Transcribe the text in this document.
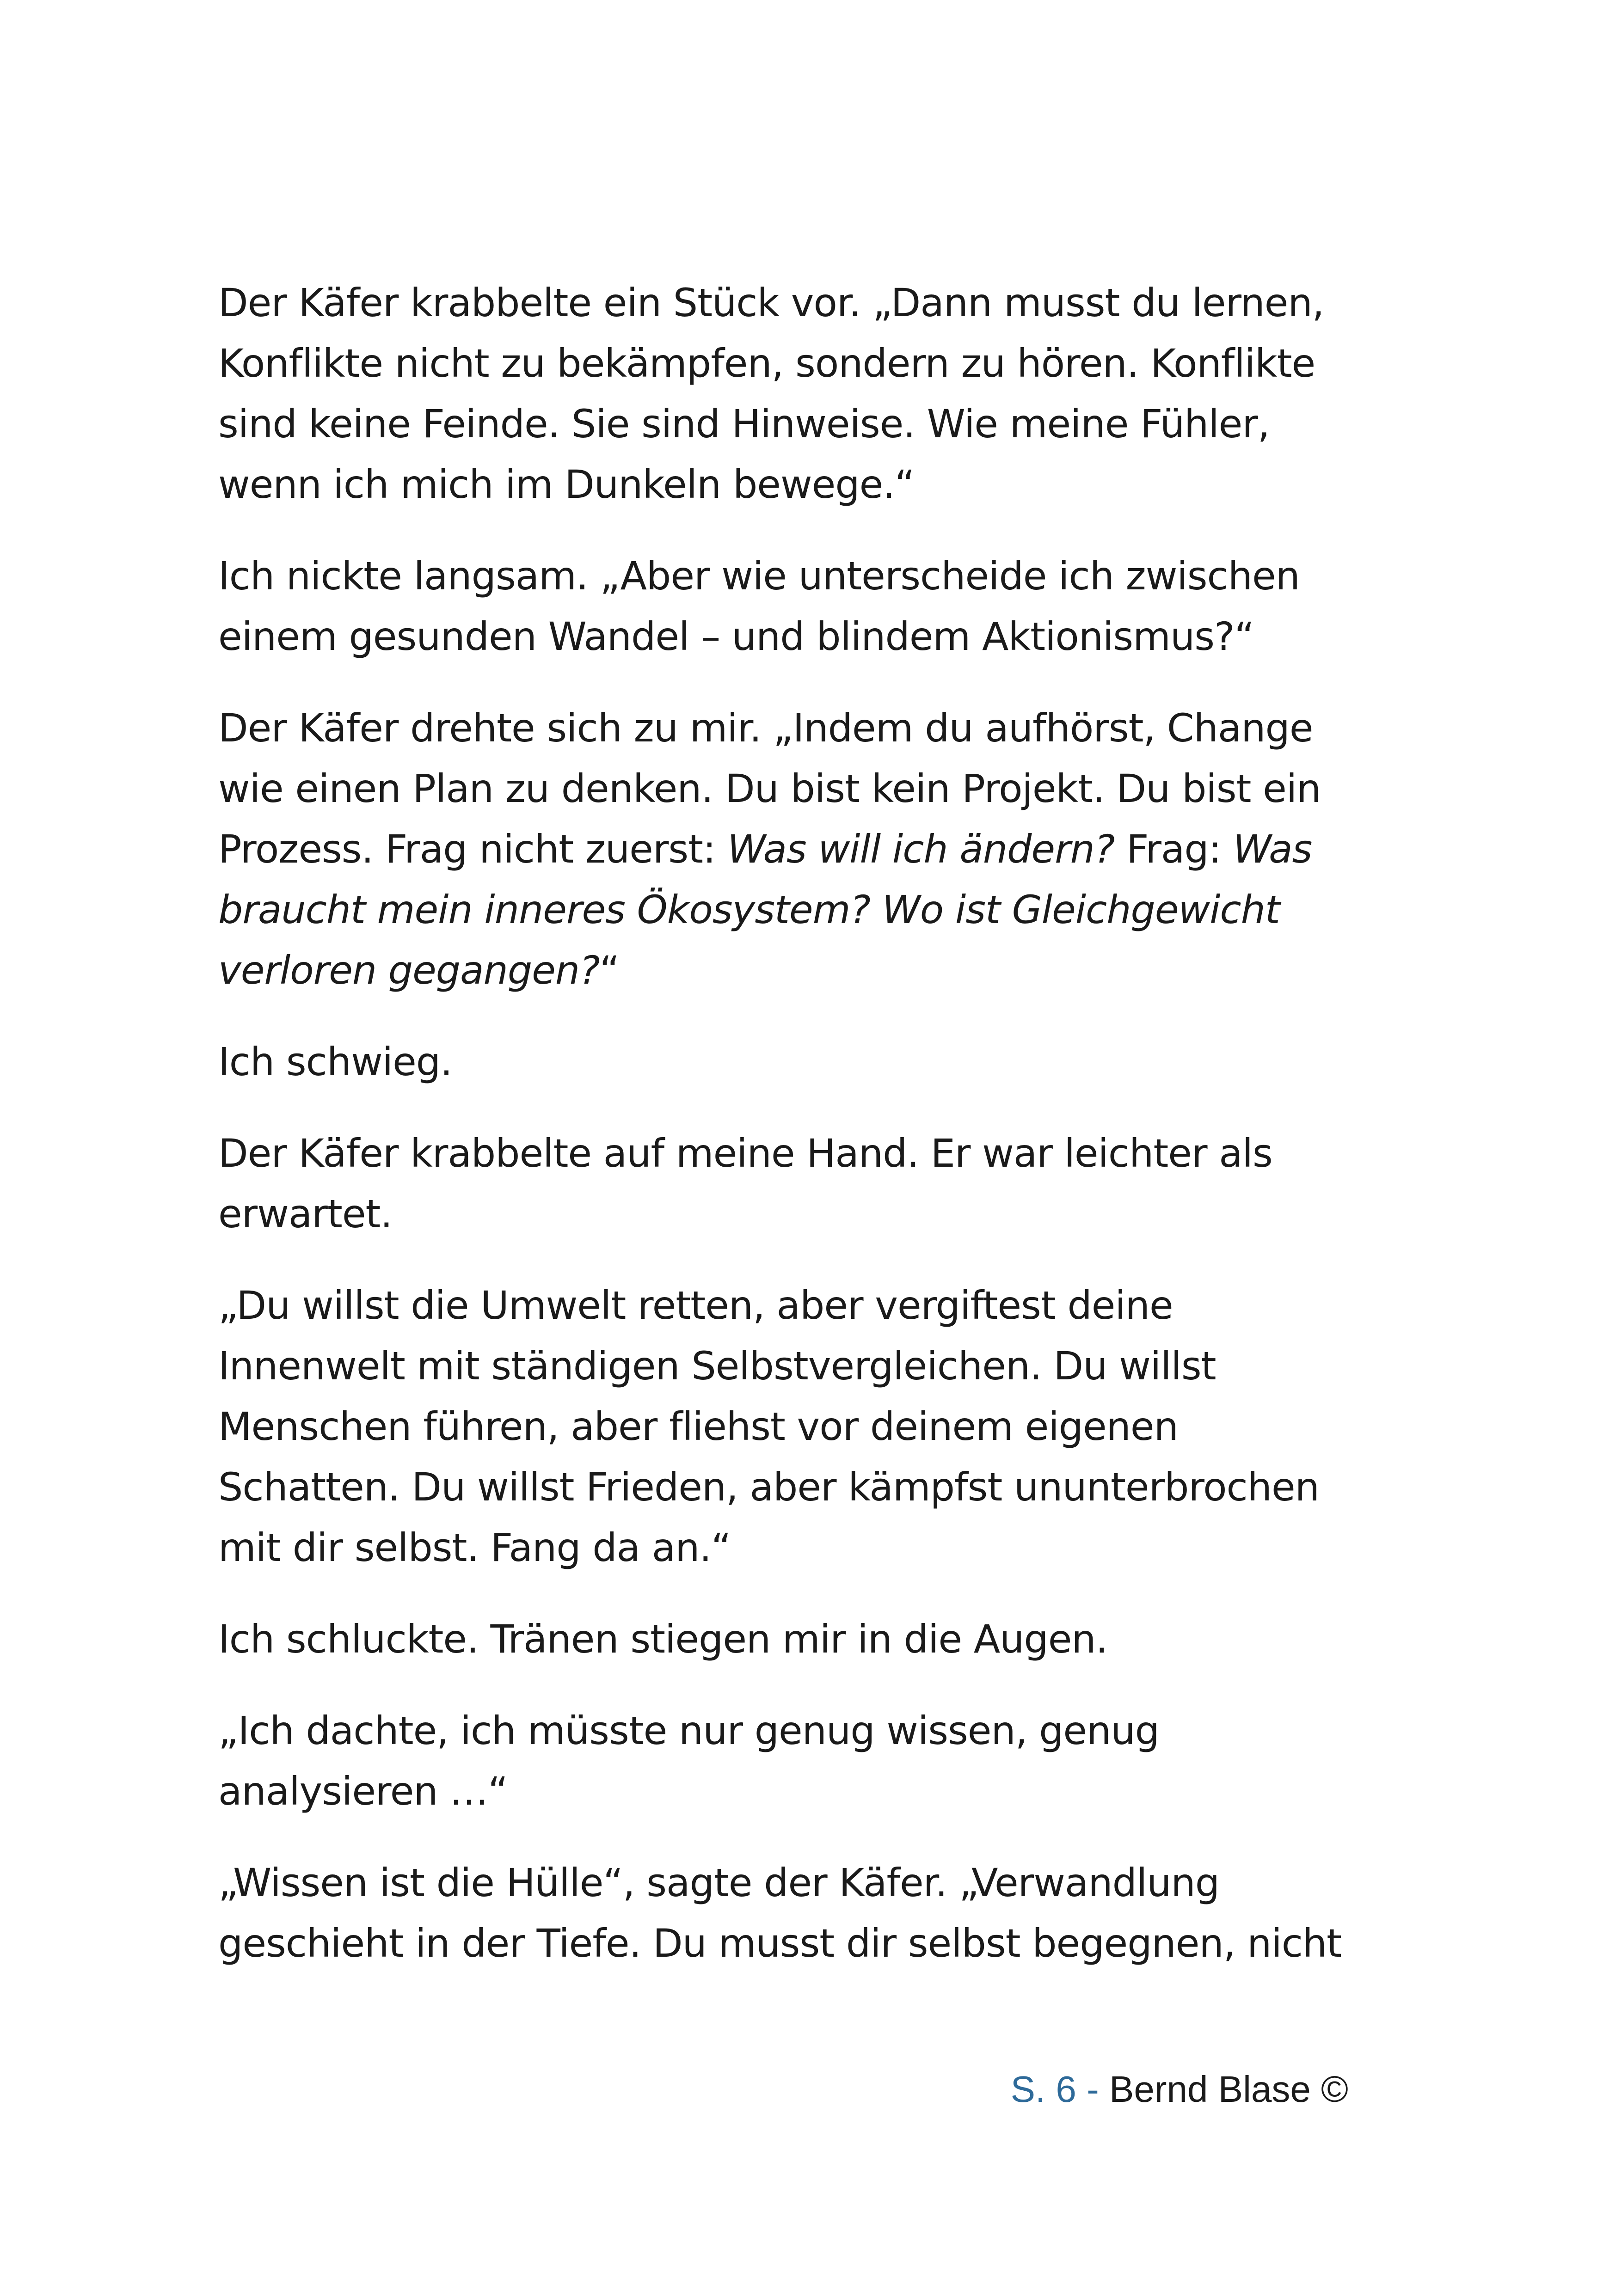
Der Käfer krabbelte ein Stück vor. „Dann musst du lernen,
Konflikte nicht zu bekämpfen, sondern zu hören. Konflikte
sind keine Feinde. Sie sind Hinweise. Wie meine Fühler,
wenn ich mich im Dunkeln bewege.“

Ich nickte langsam. „Aber wie unterscheide ich zwischen
einem gesunden Wandel – und blindem Aktionismus?“

Der Käfer drehte sich zu mir. „Indem du aufhörst, Change
wie einen Plan zu denken. Du bist kein Projekt. Du bist ein
Prozess. Frag nicht zuerst: Was will ich ändern? Frag: Was
braucht mein inneres Ökosystem? Wo ist Gleichgewicht
verloren gegangen?“

Ich schwieg.

Der Käfer krabbelte auf meine Hand. Er war leichter als
erwartet.

„Du willst die Umwelt retten, aber vergiftest deine
Innenwelt mit ständigen Selbstvergleichen. Du willst
Menschen führen, aber fliehst vor deinem eigenen
Schatten. Du willst Frieden, aber kämpfst ununterbrochen
mit dir selbst. Fang da an.“

Ich schluckte. Tränen stiegen mir in die Augen.

„Ich dachte, ich müsste nur genug wissen, genug
analysieren …“

„Wissen ist die Hülle“, sagte der Käfer. „Verwandlung
geschieht in der Tiefe. Du musst dir selbst begegnen, nicht

S. 6 - Bernd Blase ©
